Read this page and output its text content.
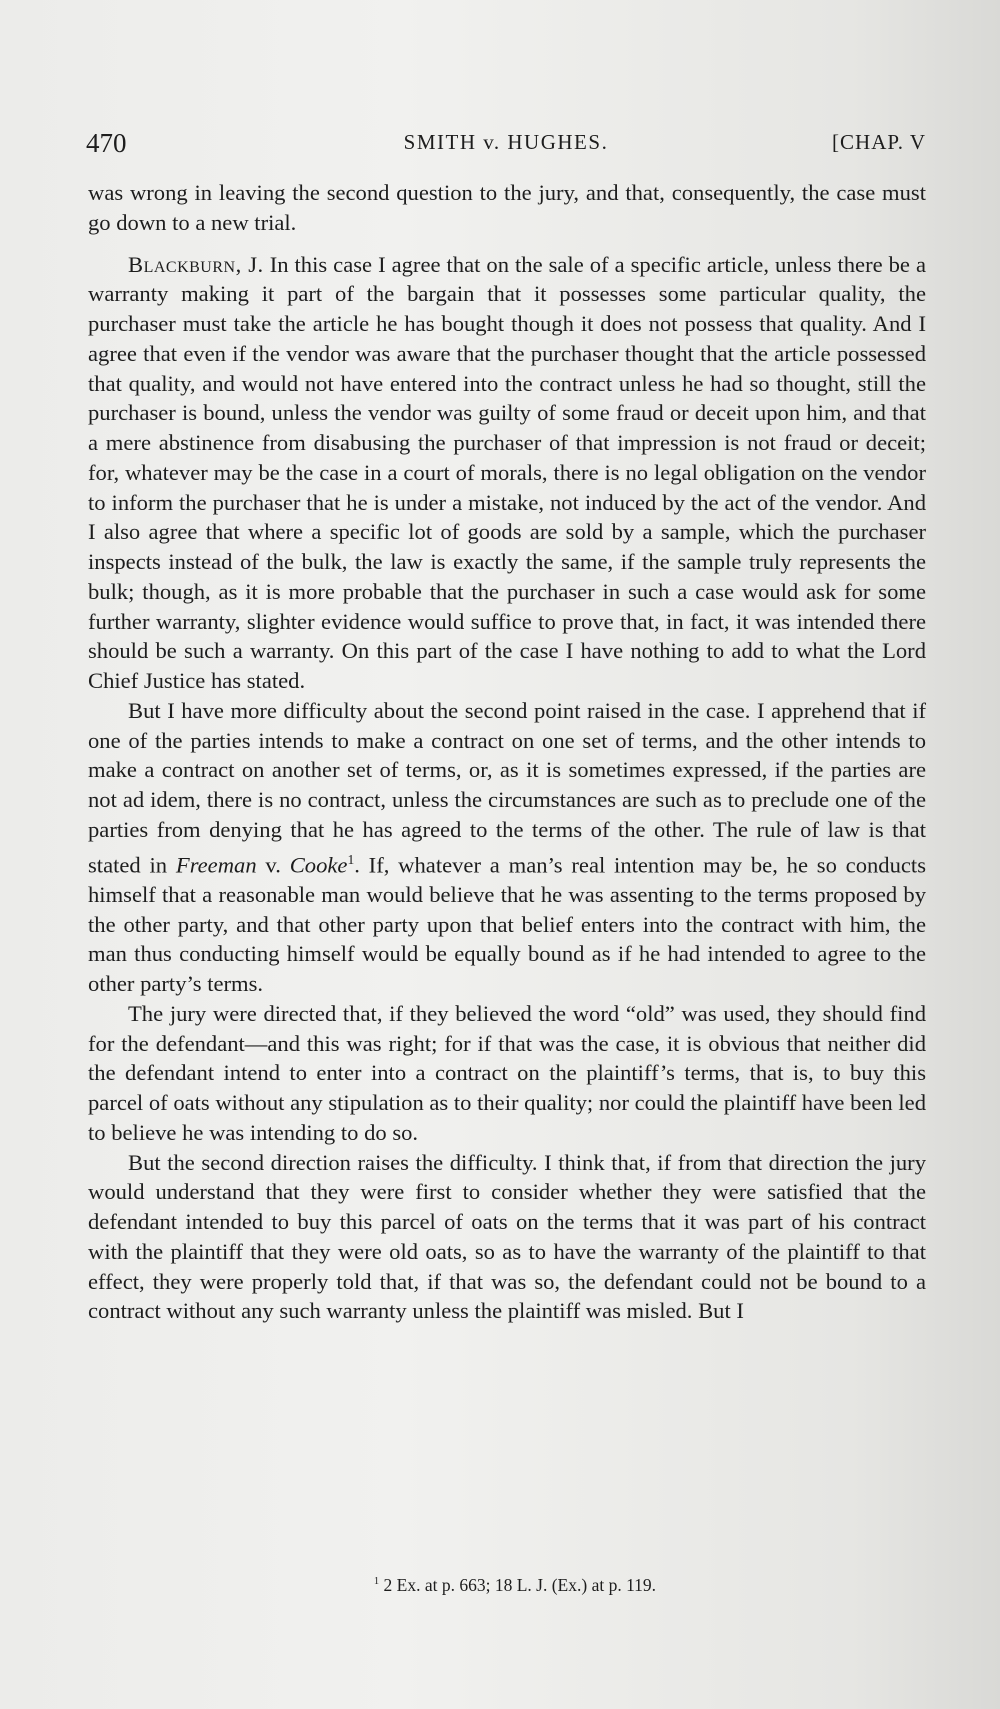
470	SMITH v. HUGHES.	[CHAP. V

was wrong in leaving the second question to the jury, and that, consequently, the case must go down to a new trial.

Blackburn, J. In this case I agree that on the sale of a specific article, unless there be a warranty making it part of the bargain that it possesses some particular quality, the purchaser must take the article he has bought though it does not possess that quality. And I agree that even if the vendor was aware that the purchaser thought that the article possessed that quality, and would not have entered into the contract unless he had so thought, still the purchaser is bound, unless the vendor was guilty of some fraud or deceit upon him, and that a mere abstinence from disabusing the purchaser of that impression is not fraud or deceit; for, whatever may be the case in a court of morals, there is no legal obligation on the vendor to inform the purchaser that he is under a mistake, not induced by the act of the vendor. And I also agree that where a specific lot of goods are sold by a sample, which the purchaser inspects instead of the bulk, the law is exactly the same, if the sample truly represents the bulk; though, as it is more probable that the purchaser in such a case would ask for some further warranty, slighter evidence would suffice to prove that, in fact, it was intended there should be such a warranty. On this part of the case I have nothing to add to what the Lord Chief Justice has stated.

But I have more difficulty about the second point raised in the case. I apprehend that if one of the parties intends to make a contract on one set of terms, and the other intends to make a contract on another set of terms, or, as it is sometimes expressed, if the parties are not ad idem, there is no contract, unless the circumstances are such as to preclude one of the parties from denying that he has agreed to the terms of the other. The rule of law is that stated in Freeman v. Cooke$^1$. If, whatever a man’s real intention may be, he so conducts himself that a reasonable man would believe that he was assenting to the terms proposed by the other party, and that other party upon that belief enters into the contract with him, the man thus conducting himself would be equally bound as if he had intended to agree to the other party’s terms.

The jury were directed that, if they believed the word “old” was used, they should find for the defendant—and this was right; for if that was the case, it is obvious that neither did the defendant intend to enter into a contract on the plaintiff’s terms, that is, to buy this parcel of oats without any stipulation as to their quality; nor could the plaintiff have been led to believe he was intending to do so.

But the second direction raises the difficulty. I think that, if from that direction the jury would understand that they were first to consider whether they were satisfied that the defendant intended to buy this parcel of oats on the terms that it was part of his contract with the plaintiff that they were old oats, so as to have the warranty of the plaintiff to that effect, they were properly told that, if that was so, the defendant could not be bound to a contract without any such warranty unless the plaintiff was misled. But I

$^1$ 2 Ex. at p. 663; 18 L. J. (Ex.) at p. 119.
